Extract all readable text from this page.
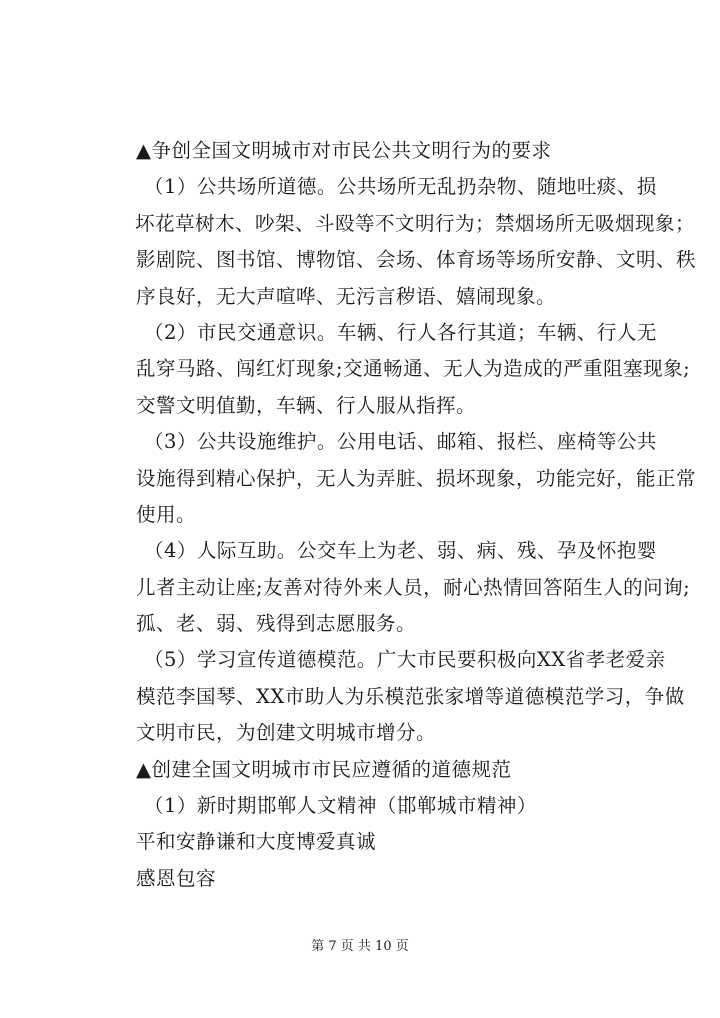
▲争创全国文明城市对市民公共文明行为的要求
（1）公共场所道德。公共场所无乱扔杂物、随地吐痰、损
坏花草树木、吵架、斗殴等不文明行为；禁烟场所无吸烟现象；
影剧院、图书馆、博物馆、会场、体育场等场所安静、文明、秩
序良好，无大声喧哗、无污言秽语、嬉闹现象。
（2）市民交通意识。车辆、行人各行其道；车辆、行人无
乱穿马路、闯红灯现象;交通畅通、无人为造成的严重阻塞现象;
交警文明值勤，车辆、行人服从指挥。
（3）公共设施维护。公用电话、邮箱、报栏、座椅等公共
设施得到精心保护，无人为弄脏、损坏现象，功能完好，能正常
使用。
（4）人际互助。公交车上为老、弱、病、残、孕及怀抱婴
儿者主动让座;友善对待外来人员，耐心热情回答陌生人的问询;
孤、老、弱、残得到志愿服务。
（5）学习宣传道德模范。广大市民要积极向XX省孝老爱亲
模范李国琴、XX市助人为乐模范张家增等道德模范学习，争做
文明市民，为创建文明城市增分。
▲创建全国文明城市市民应遵循的道德规范
（1）新时期邯郸人文精神（邯郸城市精神）
平和安静谦和大度博爱真诚
感恩包容
第 7 页 共 10 页
